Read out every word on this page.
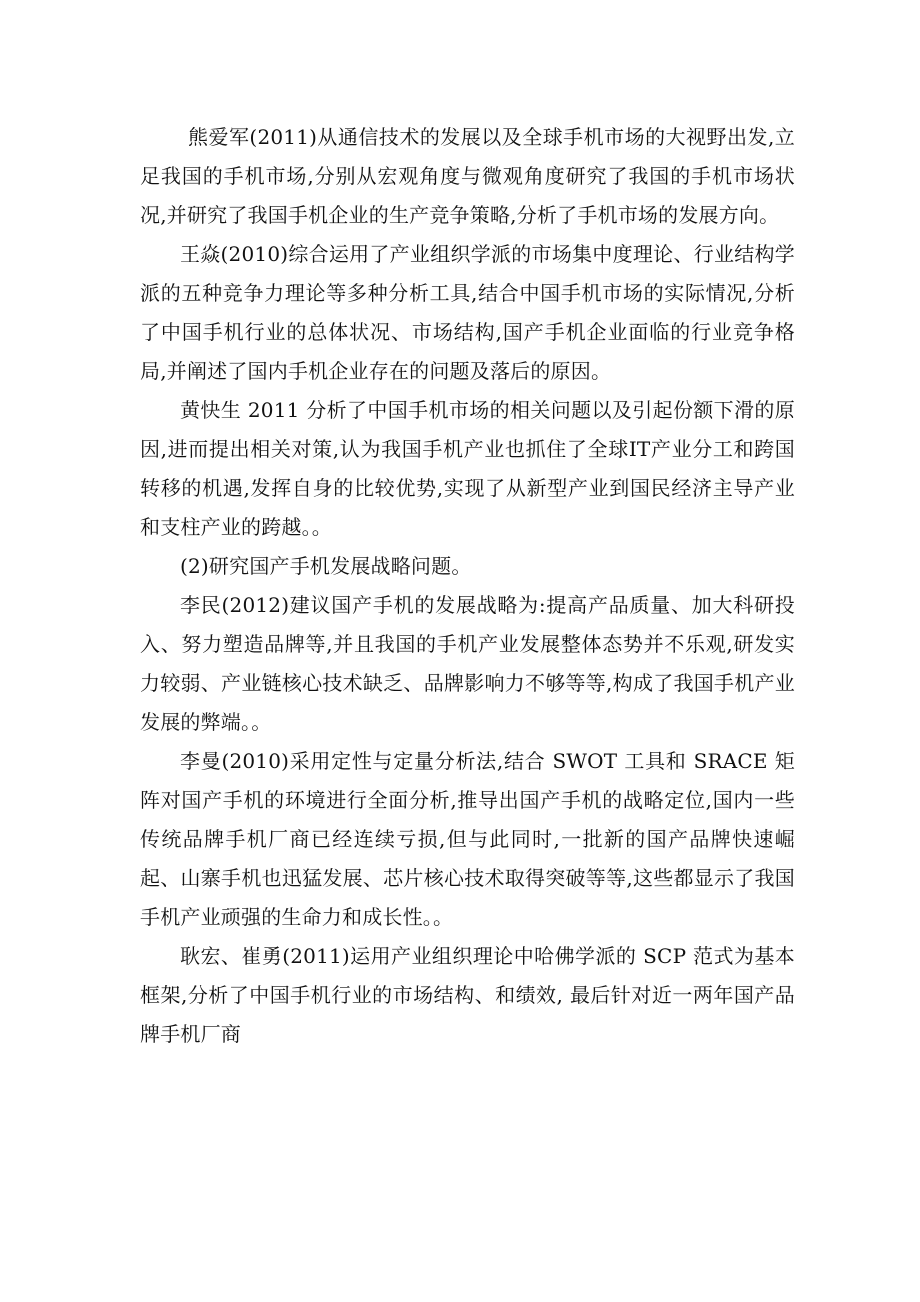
熊爱军(2011)从通信技术的发展以及全球手机市场的大视野出发,立足我国的手机市场,分别从宏观角度与微观角度研究了我国的手机市场状况,并研究了我国手机企业的生产竞争策略,分析了手机市场的发展方向。

王焱(2010)综合运用了产业组织学派的市场集中度理论、行业结构学派的五种竞争力理论等多种分析工具,结合中国手机市场的实际情况,分析了中国手机行业的总体状况、市场结构,国产手机企业面临的行业竞争格局,并阐述了国内手机企业存在的问题及落后的原因。

黄快生 2011 分析了中国手机市场的相关问题以及引起份额下滑的原因,进而提出相关对策,认为我国手机产业也抓住了全球IT产业分工和跨国转移的机遇,发挥自身的比较优势,实现了从新型产业到国民经济主导产业和支柱产业的跨越。。

(2)研究国产手机发展战略问题。

李民(2012)建议国产手机的发展战略为:提高产品质量、加大科研投入、努力塑造品牌等,并且我国的手机产业发展整体态势并不乐观,研发实力较弱、产业链核心技术缺乏、品牌影响力不够等等,构成了我国手机产业发展的弊端。。

李曼(2010)采用定性与定量分析法,结合 SWOT 工具和 SRACE 矩阵对国产手机的环境进行全面分析,推导出国产手机的战略定位,国内一些传统品牌手机厂商已经连续亏损,但与此同时,一批新的国产品牌快速崛起、山寨手机也迅猛发展、芯片核心技术取得突破等等,这些都显示了我国手机产业顽强的生命力和成长性。。

耿宏、崔勇(2011)运用产业组织理论中哈佛学派的 SCP 范式为基本框架,分析了中国手机行业的市场结构、和绩效, 最后针对近一两年国产品牌手机厂商
